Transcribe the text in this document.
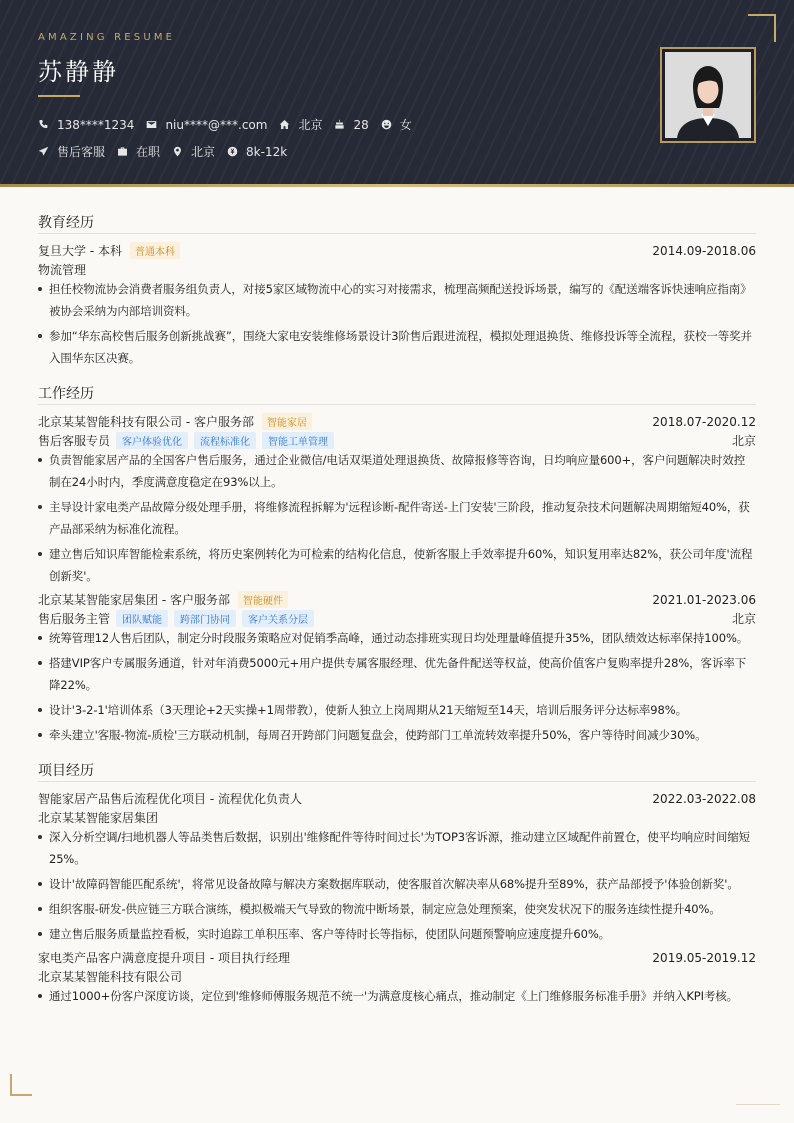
AMAZING RESUME
苏静静
138****1234	niu****@***.com	北京	28	女
售后客服	在职	北京	8k-12k
教育经历
复旦大学 - 本科	普通本科	2014.09-2018.06
物流管理
担任校物流协会消费者服务组负责人，对接5家区域物流中心的实习对接需求，梳理高频配送投诉场景，编写的《配送端客诉快速响应指南》被协会采纳为内部培训资料。
参加“华东高校售后服务创新挑战赛”，围绕大家电安装维修场景设计3阶售后跟进流程，模拟处理退换货、维修投诉等全流程，获校一等奖并入围华东区决赛。
工作经历
北京某某智能科技有限公司 - 客户服务部	智能家居	2018.07-2020.12
售后客服专员	客户体验优化	流程标准化	智能工单管理	北京
负责智能家居产品的全国客户售后服务，通过企业微信/电话双渠道处理退换货、故障报修等咨询，日均响应量600+，客户问题解决时效控制在24小时内，季度满意度稳定在93%以上。
主导设计家电类产品故障分级处理手册，将维修流程拆解为'远程诊断-配件寄送-上门安装'三阶段，推动复杂技术问题解决周期缩短40%，获产品部采纳为标准化流程。
建立售后知识库智能检索系统，将历史案例转化为可检索的结构化信息，使新客服上手效率提升60%，知识复用率达82%，获公司年度'流程创新奖'。
北京某某智能家居集团 - 客户服务部	智能硬件	2021.01-2023.06
售后服务主管	团队赋能	跨部门协同	客户关系分层	北京
统筹管理12人售后团队，制定分时段服务策略应对促销季高峰，通过动态排班实现日均处理量峰值提升35%，团队绩效达标率保持100%。
搭建VIP客户专属服务通道，针对年消费5000元+用户提供专属客服经理、优先备件配送等权益，使高价值客户复购率提升28%，客诉率下降22%。
设计'3-2-1'培训体系（3天理论+2天实操+1周带教），使新人独立上岗周期从21天缩短至14天，培训后服务评分达标率98%。
牵头建立'客服-物流-质检'三方联动机制，每周召开跨部门问题复盘会，使跨部门工单流转效率提升50%，客户等待时间减少30%。
项目经历
智能家居产品售后流程优化项目 - 流程优化负责人	2022.03-2022.08
北京某某智能家居集团
深入分析空调/扫地机器人等品类售后数据，识别出'维修配件等待时间过长'为TOP3客诉源，推动建立区域配件前置仓，使平均响应时间缩短25%。
设计'故障码智能匹配系统'，将常见设备故障与解决方案数据库联动，使客服首次解决率从68%提升至89%，获产品部授予'体验创新奖'。
组织客服-研发-供应链三方联合演练，模拟极端天气导致的物流中断场景，制定应急处理预案，使突发状况下的服务连续性提升40%。
建立售后服务质量监控看板，实时追踪工单积压率、客户等待时长等指标，使团队问题预警响应速度提升60%。
家电类产品客户满意度提升项目 - 项目执行经理	2019.05-2019.12
北京某某智能科技有限公司
通过1000+份客户深度访谈，定位到'维修师傅服务规范不统一'为满意度核心痛点，推动制定《上门维修服务标准手册》并纳入KPI考核。
